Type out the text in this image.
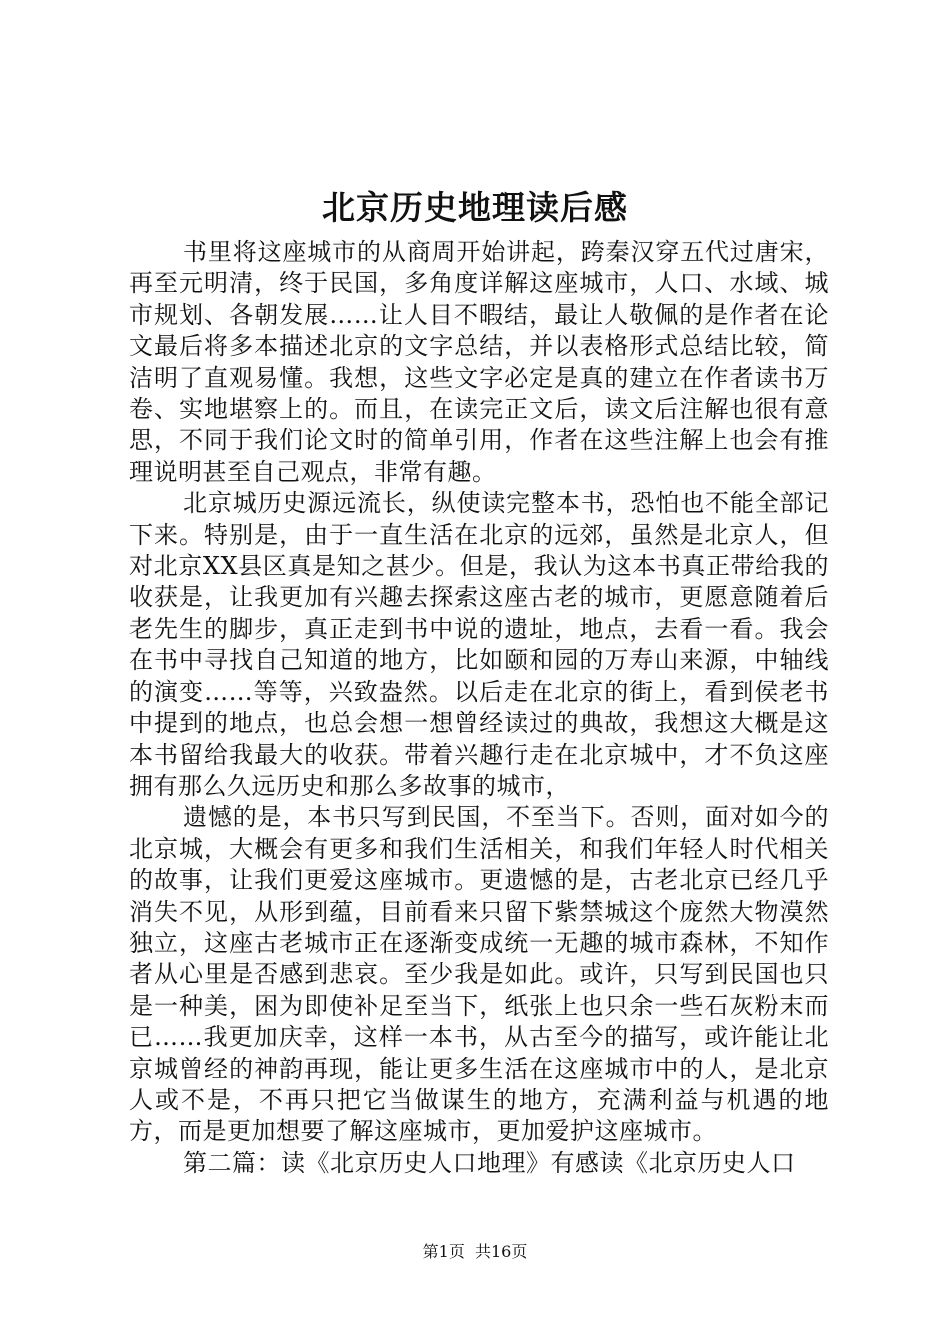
北京历史地理读后感

书里将这座城市的从商周开始讲起，跨秦汉穿五代过唐宋，再至元明清，终于民国，多角度详解这座城市，人口、水域、城市规划、各朝发展……让人目不暇结，最让人敬佩的是作者在论文最后将多本描述北京的文字总结，并以表格形式总结比较，简洁明了直观易懂。我想，这些文字必定是真的建立在作者读书万卷、实地堪察上的。而且，在读完正文后，读文后注解也很有意思，不同于我们论文时的简单引用，作者在这些注解上也会有推理说明甚至自己观点，非常有趣。

北京城历史源远流长，纵使读完整本书，恐怕也不能全部记下来。特别是，由于一直生活在北京的远郊，虽然是北京人，但对北京XX县区真是知之甚少。但是，我认为这本书真正带给我的收获是，让我更加有兴趣去探索这座古老的城市，更愿意随着后老先生的脚步，真正走到书中说的遗址，地点，去看一看。我会在书中寻找自己知道的地方，比如颐和园的万寿山来源，中轴线的演变……等等，兴致盎然。以后走在北京的街上，看到侯老书中提到的地点，也总会想一想曾经读过的典故，我想这大概是这本书留给我最大的收获。带着兴趣行走在北京城中，才不负这座拥有那么久远历史和那么多故事的城市，

遗憾的是，本书只写到民国，不至当下。否则，面对如今的北京城，大概会有更多和我们生活相关，和我们年轻人时代相关的故事，让我们更爱这座城市。更遗憾的是，古老北京已经几乎消失不见，从形到蕴，目前看来只留下紫禁城这个庞然大物漠然独立，这座古老城市正在逐渐变成统一无趣的城市森林，不知作者从心里是否感到悲哀。至少我是如此。或许，只写到民国也只是一种美，困为即使补足至当下，纸张上也只余一些石灰粉末而已……我更加庆幸，这样一本书，从古至今的描写，或许能让北京城曾经的神韵再现，能让更多生活在这座城市中的人，是北京人或不是，不再只把它当做谋生的地方，充满利益与机遇的地方，而是更加想要了解这座城市，更加爱护这座城市。

第二篇：读《北京历史人口地理》有感读《北京历史人口

第1页  共16页
